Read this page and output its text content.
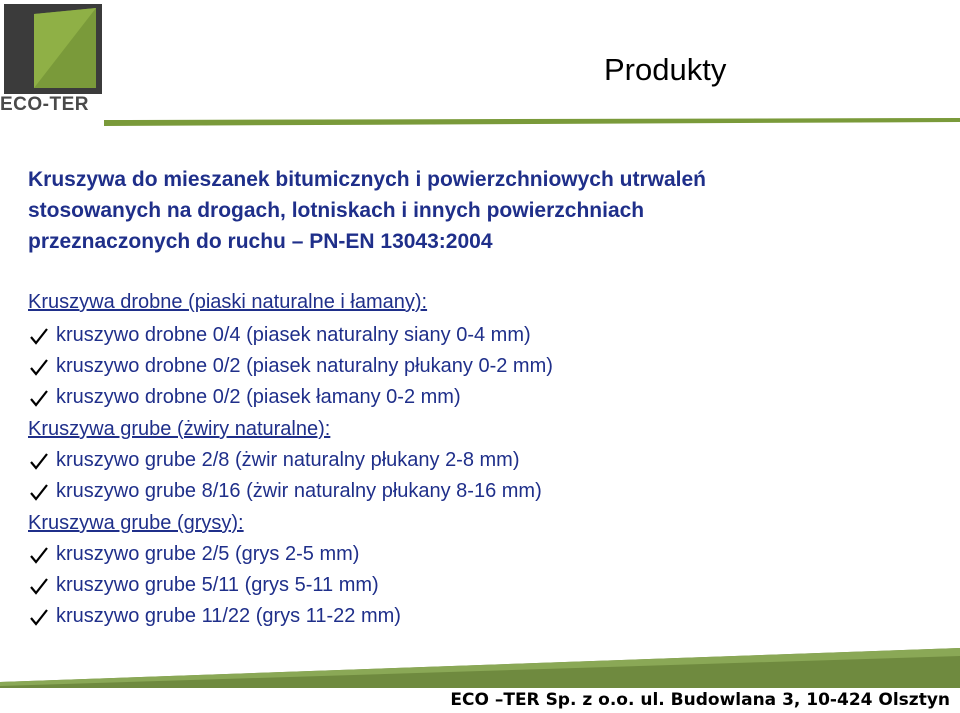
ECO-TER
Produkty
Kruszywa do mieszanek bitumicznych i powierzchniowych utrwaleń
stosowanych na drogach, lotniskach i innych powierzchniach
przeznaczonych do ruchu – PN-EN 13043:2004
Kruszywa drobne (piaski naturalne i łamany):
kruszywo drobne 0/4 (piasek naturalny siany 0-4 mm)
kruszywo drobne 0/2 (piasek naturalny płukany 0-2 mm)
kruszywo drobne 0/2 (piasek łamany 0-2 mm)
Kruszywa grube (żwiry naturalne):
kruszywo grube 2/8 (żwir naturalny płukany 2-8 mm)
kruszywo grube 8/16 (żwir naturalny płukany 8-16 mm)
Kruszywa grube (grysy):
kruszywo grube 2/5 (grys 2-5 mm)
kruszywo grube 5/11 (grys 5-11 mm)
kruszywo grube 11/22 (grys 11-22 mm)
ECO –TER Sp. z o.o. ul. Budowlana 3, 10-424 Olsztyn
